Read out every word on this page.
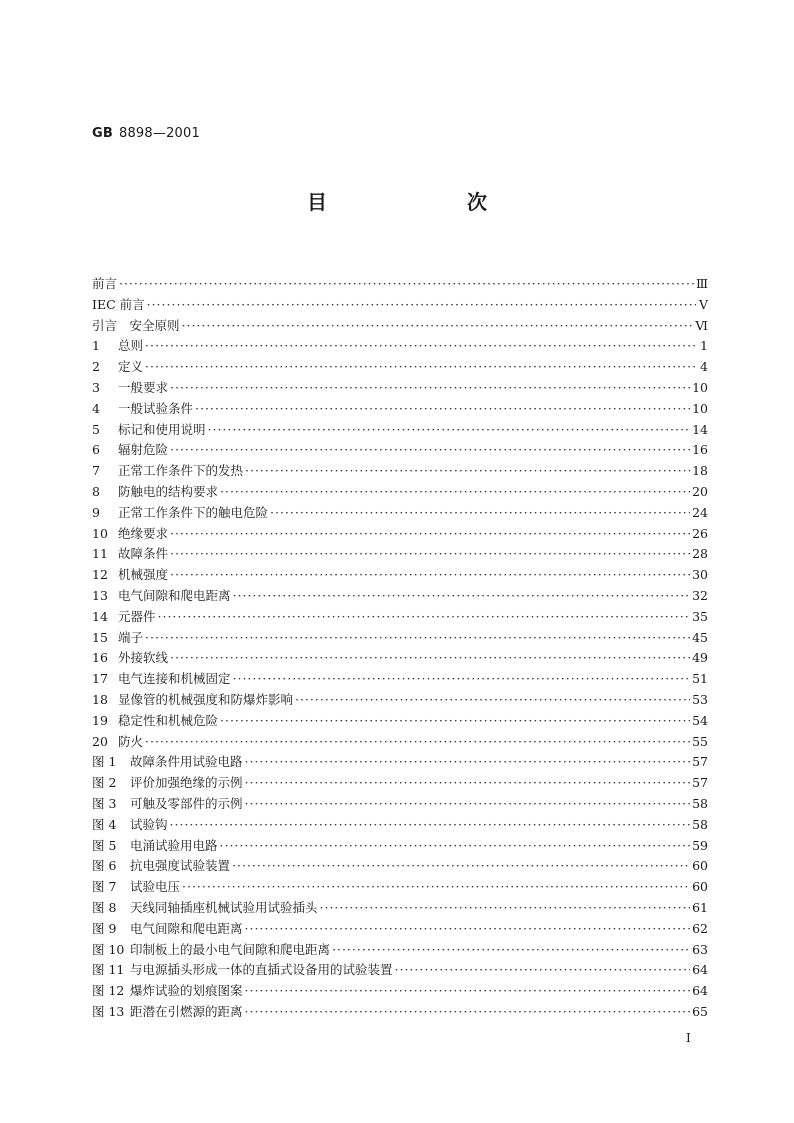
GB 8898—2001
目　次
前言 ·····	Ⅲ
IEC 前言 ·····	Ⅴ
引言　安全原则 ·····	Ⅵ
1	总则 ·····	1
2	定义 ·····	4
3	一般要求 ·····	10
4	一般试验条件 ·····	10
5	标记和使用说明 ·····	14
6	辐射危险 ·····	16
7	正常工作条件下的发热 ·····	18
8	防触电的结构要求 ·····	20
9	正常工作条件下的触电危险 ·····	24
10 绝缘要求 ·····	26
11 故障条件 ·····	28
12 机械强度 ·····	30
13 电气间隙和爬电距离 ·····	32
14 元器件 ·····	35
15 端子 ·····	45
16 外接软线 ·····	49
17 电气连接和机械固定 ·····	51
18 显像管的机械强度和防爆炸影响 ·····	53
19 稳定性和机械危险 ·····	54
20 防火 ·····	55
图 1	故障条件用试验电路 ·····	57
图 2	评价加强绝缘的示例 ·····	57
图 3	可触及零部件的示例 ·····	58
图 4	试验钩 ·····	58
图 5	电涌试验用电路 ·····	59
图 6	抗电强度试验装置 ·····	60
图 7	试验电压 ·····	60
图 8	天线同轴插座机械试验用试验插头 ·····	61
图 9	电气间隙和爬电距离 ·····	62
图 10 印制板上的最小电气间隙和爬电距离 ·····	63
图 11 与电源插头形成一体的直插式设备用的试验装置 ·····	64
图 12 爆炸试验的划痕图案 ·····	64
图 13 距潜在引燃源的距离 ·····	65
Ⅰ
